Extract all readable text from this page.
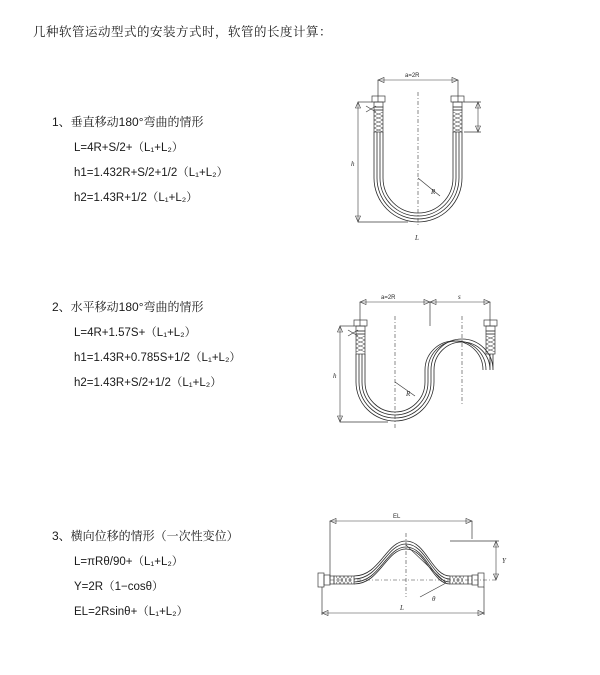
几种软管运动型式的安装方式时，软管的长度计算：
1、垂直移动180°弯曲的情形
L=4R+S/2+（L₁+L₂）
h1=1.432R+S/2+1/2（L₁+L₂）
h2=1.43R+1/2（L₁+L₂）
a=2R
R
h
L
2、水平移动180°弯曲的情形
L=4R+1.57S+（L₁+L₂）
h1=1.43R+0.785S+1/2（L₁+L₂）
h2=1.43R+S/2+1/2（L₁+L₂）
a=2R	s
R
h
3、横向位移的情形（一次性变位）
L=πRθ/90+（L₁+L₂）
Y=2R（1−cosθ）
EL=2Rsinθ+（L₁+L₂）
EL
θ
Y
L
